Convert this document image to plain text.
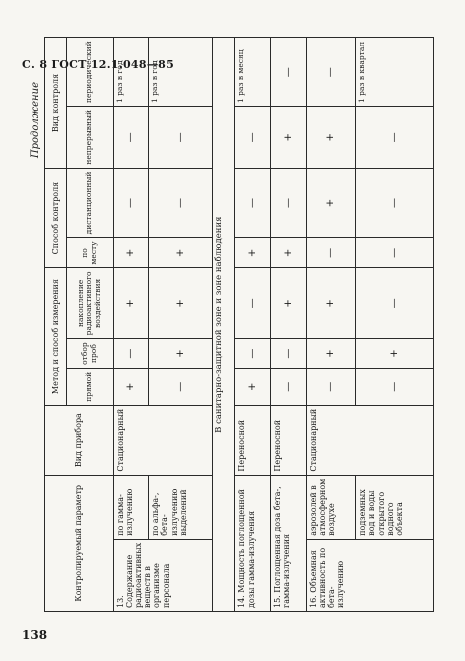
С. 8 ГОСТ 12.1.048—85
Продолжение
Контролируемый параметр		Вид прибора	Метод и способ измерения			Способ контроля		Вид контроля	
			прямой	отбор проб	накопление радиоактивного воздействия	по месту	дистанционный	непрерывный	периодический
13. Содержание радиоактивных веществ в организме персонала	по гамма-излучению	Стационарный	+	—	+	+	—	—	1 раз в год
	по альфа-, бета-излучению выделений		—	+	+	+	—	—	1 раз в год
В санитарно-защитной зоне и зоне наблюдения									
14. Мощность поглощенной дозы гамма-излучения		Переносной	+	—	—	+	—	—	1 раз в месяц
15. Поглощенная доза бета-, гамма-излучения		Переносной	—	—	+	+	—	+	—
16. Объемная активность по бета-излучению	аэрозолей в атмосферном воздухе	Стационарный	—	+	+	—	+	+	—
	подземных вод и воды открытого водного объекта		—	+	—	—	—	—	1 раз в квартал
138
